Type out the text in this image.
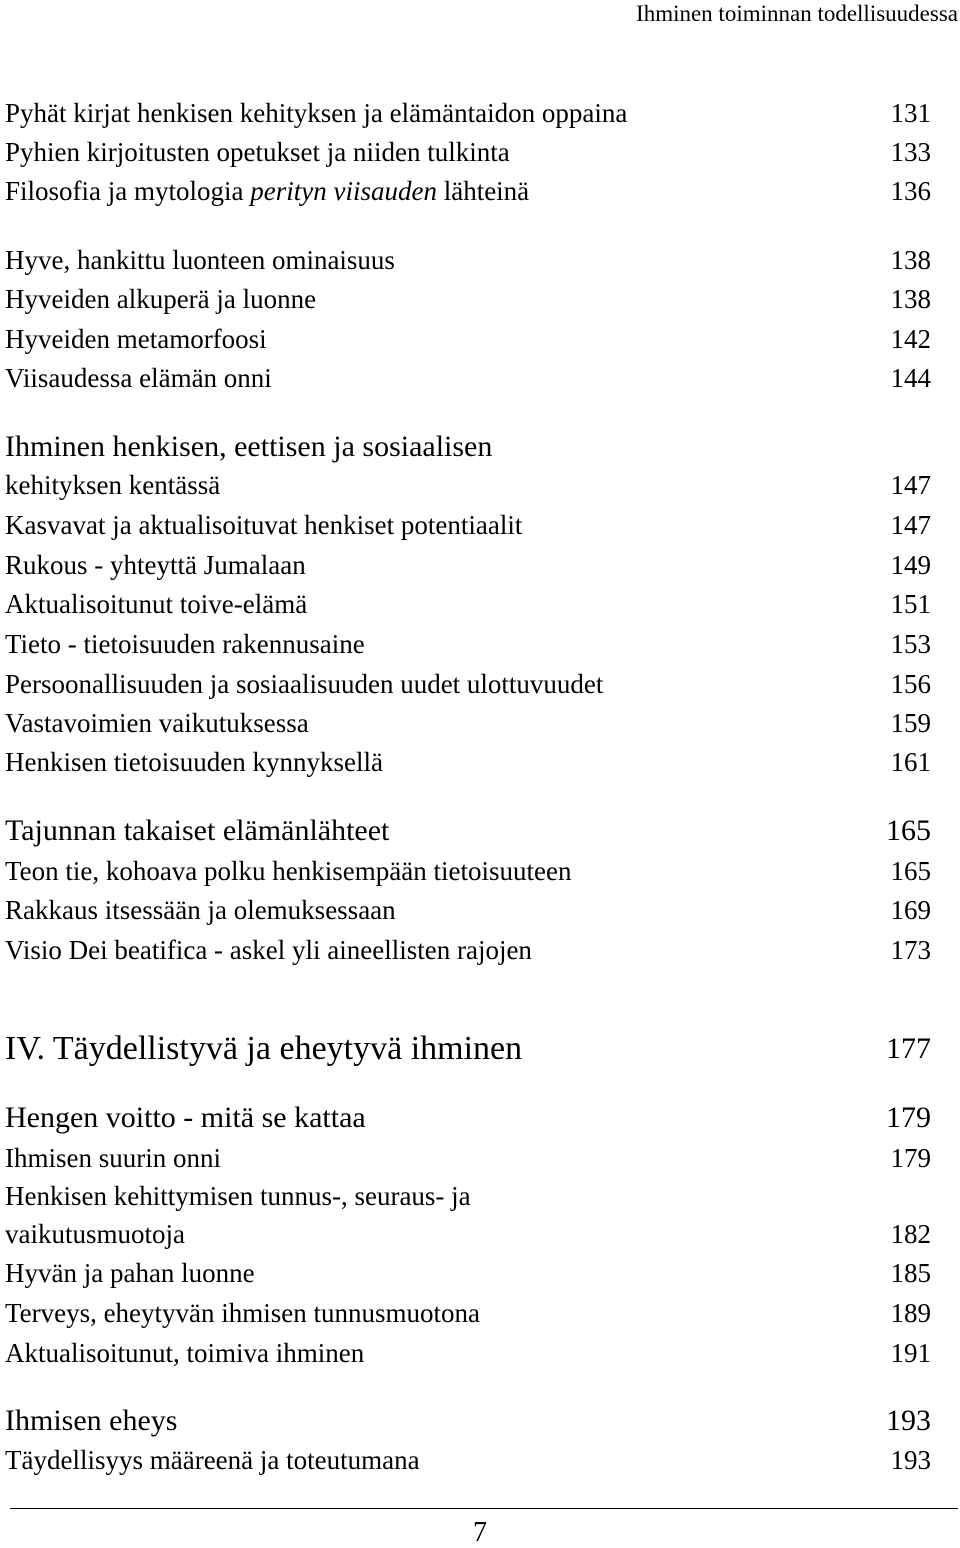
Ihminen toiminnan todellisuudessa
Pyhät kirjat henkisen kehityksen ja elämäntaidon oppaina	131
Pyhien kirjoitusten opetukset ja niiden tulkinta	133
Filosofia ja mytologia perityn viisauden lähteinä	136
Hyve, hankittu luonteen ominaisuus	138
Hyveiden alkuperä ja luonne	138
Hyveiden metamorfoosi	142
Viisaudessa elämän onni	144
Ihminen henkisen, eettisen ja sosiaalisen
kehityksen kentässä	147
Kasvavat ja aktualisoituvat henkiset potentiaalit	147
Rukous - yhteyttä Jumalaan	149
Aktualisoitunut toive-elämä	151
Tieto - tietoisuuden rakennusaine	153
Persoonallisuuden ja sosiaalisuuden uudet ulottuvuudet	156
Vastavoimien vaikutuksessa	159
Henkisen tietoisuuden kynnyksellä	161
Tajunnan takaiset elämänlähteet	165
Teon tie, kohoava polku henkisempään tietoisuuteen	165
Rakkaus itsessään ja olemuksessaan	169
Visio Dei beatifica - askel yli aineellisten rajojen	173
IV. Täydellistyvä ja eheytyvä ihminen	177
Hengen voitto - mitä se kattaa	179
Ihmisen suurin onni	179
Henkisen kehittymisen tunnus-, seuraus- ja
vaikutusmuotoja	182
Hyvän ja pahan luonne	185
Terveys, eheytyvän ihmisen tunnusmuotona	189
Aktualisoitunut, toimiva ihminen	191
Ihmisen eheys	193
Täydellisyys määreenä ja toteutumana	193
7
